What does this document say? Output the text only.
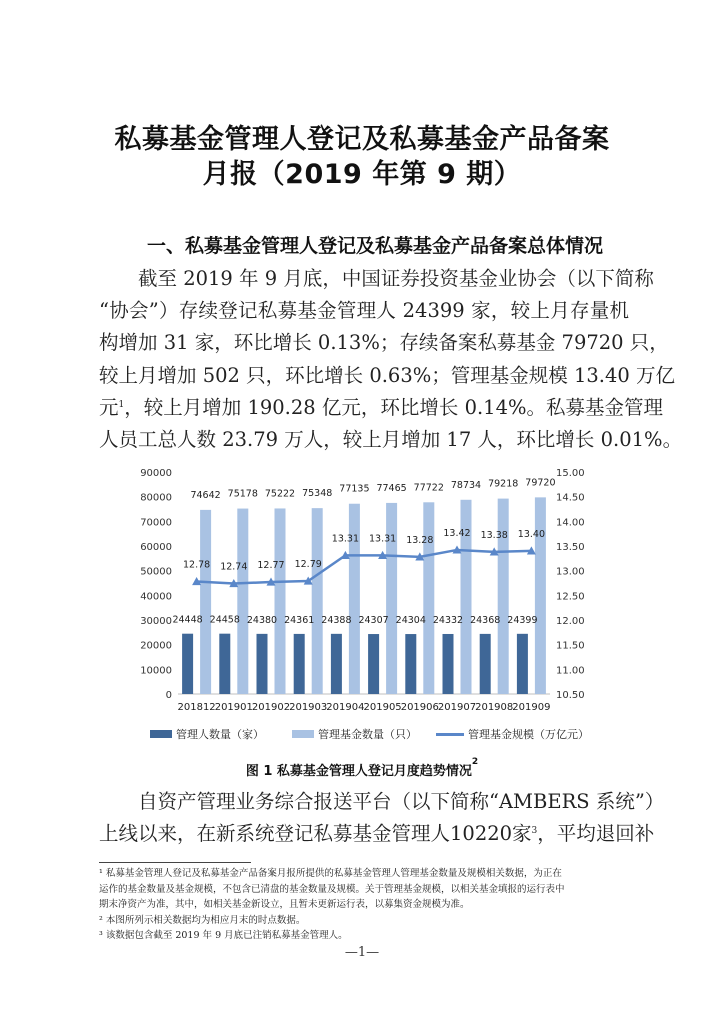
私募基金管理人登记及私募基金产品备案
月报（2019 年第 9 期）
一、私募基金管理人登记及私募基金产品备案总体情况
截至 2019 年 9 月底，中国证券投资基金业协会（以下简称
“协会”）存续登记私募基金管理人 24399 家，较上月存量机
构增加 31 家，环比增长 0.13%；存续备案私募基金 79720 只，
较上月增加 502 只，环比增长 0.63%；管理基金规模 13.40 万亿
元$^1$，较上月增加 190.28 亿元，环比增长 0.14%。私募基金管理
人员工总人数 23.79 万人，较上月增加 17 人，环比增长 0.01%。
0
10000
20000
30000
40000
50000
60000
70000
80000
90000
10.50
11.00
11.50
12.00
12.50
13.00
13.50
14.00
14.50
15.00
24448
74642
201812
24458
75178
201901
24380
75222
201902
24361
75348
201903
24388
77135
201904
24307
77465
201905
24304
77722
201906
24332
78734
201907
24368
79218
201908
24399
79720
201909
12.78 12.74 12.77 12.79
13.31 13.31 13.28
13.42 13.38 13.40
管理人数量（家）	管理基金数量（只）	管理基金规模（万亿元）
图 1 私募基金管理人登记月度趋势情况$^2$
自资产管理业务综合报送平台（以下简称“AMBERS 系统”）
上线以来，在新系统登记私募基金管理人10220家$^3$，平均退回补
¹ 私募基金管理人登记及私募基金产品备案月报所提供的私募基金管理人管理基金数量及规模相关数据，为正在
运作的基金数量及基金规模，不包含已清盘的基金数量及规模。关于管理基金规模，以相关基金填报的运行表中
期末净资产为准，其中，如相关基金新设立，且暂未更新运行表，以募集资金规模为准。
² 本图所列示相关数据均为相应月末的时点数据。
³ 该数据包含截至 2019 年 9 月底已注销私募基金管理人。
—1—
